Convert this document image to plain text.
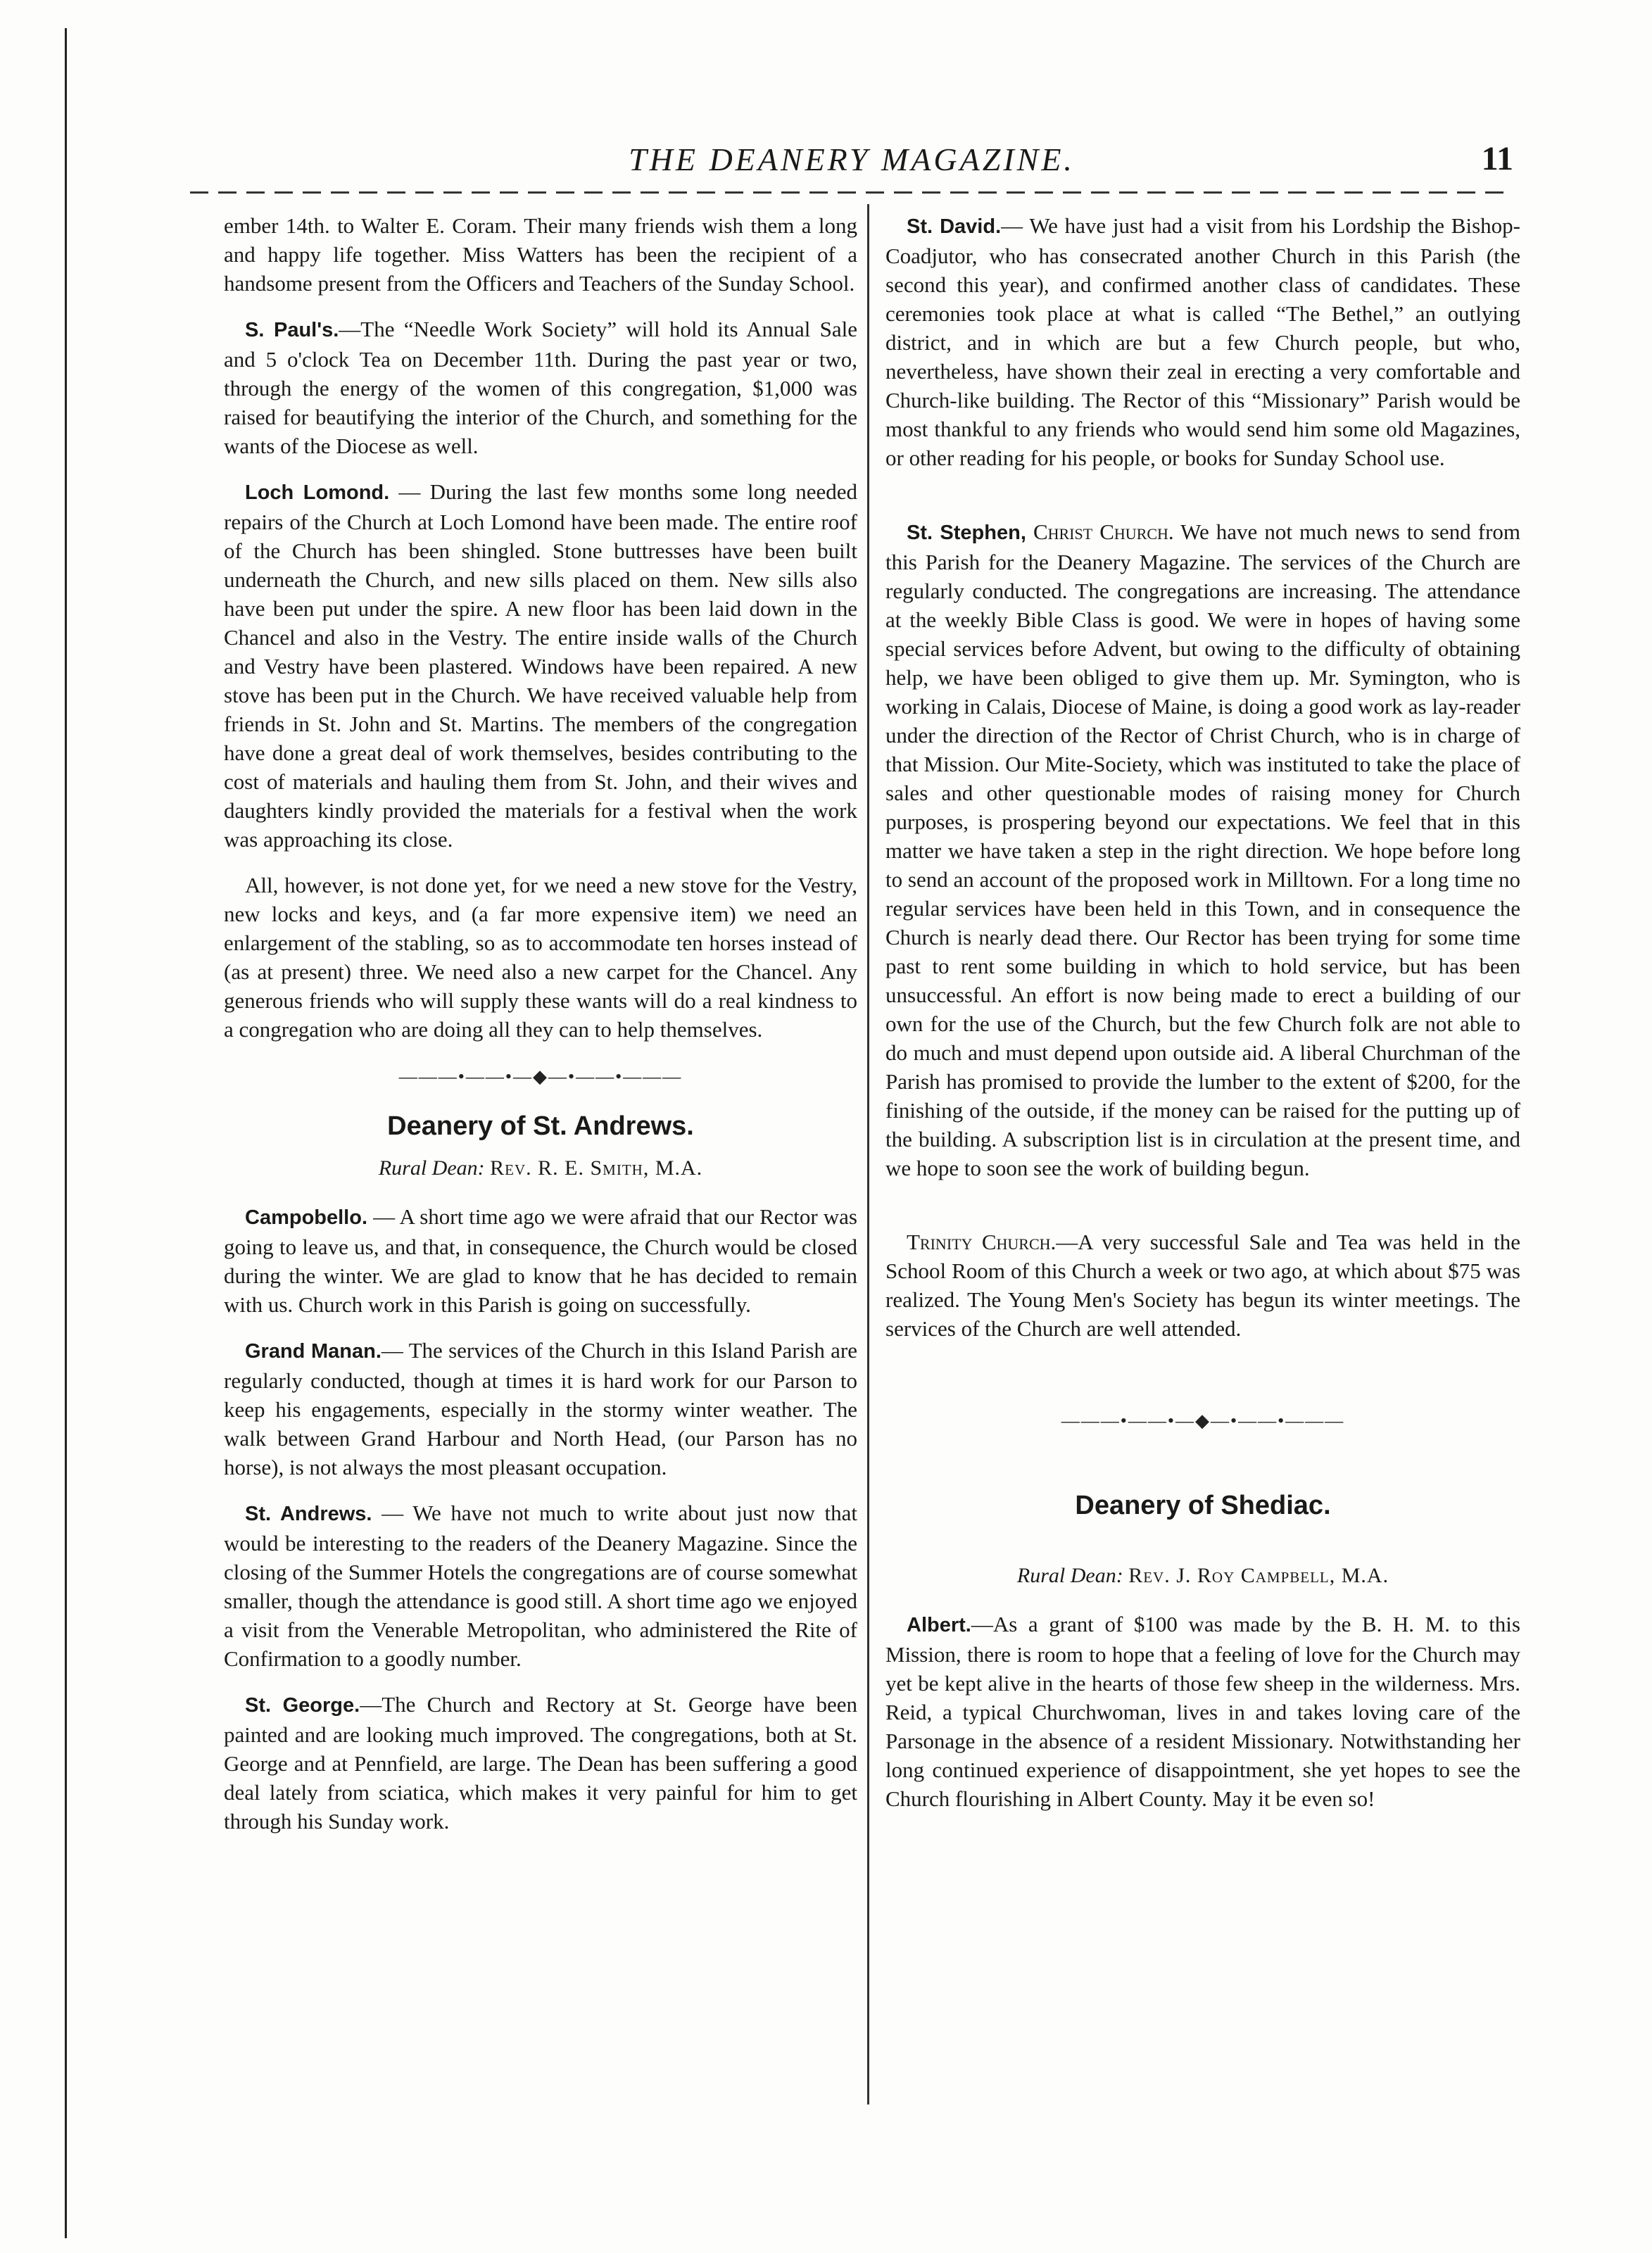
THE DEANERY MAGAZINE.	11

ember 14th. to Walter E. Coram. Their many friends wish them a long and happy life together. Miss Watters has been the recipient of a handsome present from the Officers and Teachers of the Sunday School.

S. Paul's.—The “Needle Work Society” will hold its Annual Sale and 5 o'clock Tea on December 11th. During the past year or two, through the energy of the women of this congregation, $1,000 was raised for beautifying the interior of the Church, and something for the wants of the Diocese as well.

Loch Lomond. — During the last few months some long needed repairs of the Church at Loch Lomond have been made. The entire roof of the Church has been shingled. Stone buttresses have been built underneath the Church, and new sills placed on them. New sills also have been put under the spire. A new floor has been laid down in the Chancel and also in the Vestry. The entire inside walls of the Church and Vestry have been plastered. Windows have been repaired. A new stove has been put in the Church. We have received valuable help from friends in St. John and St. Martins. The members of the congregation have done a great deal of work themselves, besides contributing to the cost of materials and hauling them from St. John, and their wives and daughters kindly provided the materials for a festival when the work was approaching its close.

All, however, is not done yet, for we need a new stove for the Vestry, new locks and keys, and (a far more expensive item) we need an enlargement of the stabling, so as to accommodate ten horses instead of (as at present) three. We need also a new carpet for the Chancel. Any generous friends who will supply these wants will do a real kindness to a congregation who are doing all they can to help themselves.

———•——•—◆—•——•———
Deanery of St. Andrews.
Rural Dean: Rev. R. E. Smith, M.A.

Campobello. — A short time ago we were afraid that our Rector was going to leave us, and that, in consequence, the Church would be closed during the winter. We are glad to know that he has decided to remain with us. Church work in this Parish is going on successfully.

Grand Manan.— The services of the Church in this Island Parish are regularly conducted, though at times it is hard work for our Parson to keep his engagements, especially in the stormy winter weather. The walk between Grand Harbour and North Head, (our Parson has no horse), is not always the most pleasant occupation.

St. Andrews. — We have not much to write about just now that would be interesting to the readers of the Deanery Magazine. Since the closing of the Summer Hotels the congregations are of course somewhat smaller, though the attendance is good still. A short time ago we enjoyed a visit from the Venerable Metropolitan, who administered the Rite of Confirmation to a goodly number.

St. George.—The Church and Rectory at St. George have been painted and are looking much improved. The congregations, both at St. George and at Pennfield, are large. The Dean has been suffering a good deal lately from sciatica, which makes it very painful for him to get through his Sunday work.

St. David.— We have just had a visit from his Lordship the Bishop-Coadjutor, who has consecrated another Church in this Parish (the second this year), and confirmed another class of candidates. These ceremonies took place at what is called “The Bethel,” an outlying district, and in which are but a few Church people, but who, nevertheless, have shown their zeal in erecting a very comfortable and Church-like building. The Rector of this “Missionary” Parish would be most thankful to any friends who would send him some old Magazines, or other reading for his people, or books for Sunday School use.

St. Stephen, Christ Church. We have not much news to send from this Parish for the Deanery Magazine. The services of the Church are regularly conducted. The congregations are increasing. The attendance at the weekly Bible Class is good. We were in hopes of having some special services before Advent, but owing to the difficulty of obtaining help, we have been obliged to give them up. Mr. Symington, who is working in Calais, Diocese of Maine, is doing a good work as lay-reader under the direction of the Rector of Christ Church, who is in charge of that Mission. Our Mite-Society, which was instituted to take the place of sales and other questionable modes of raising money for Church purposes, is prospering beyond our expectations. We feel that in this matter we have taken a step in the right direction. We hope before long to send an account of the proposed work in Milltown. For a long time no regular services have been held in this Town, and in consequence the Church is nearly dead there. Our Rector has been trying for some time past to rent some building in which to hold service, but has been unsuccessful. An effort is now being made to erect a building of our own for the use of the Church, but the few Church folk are not able to do much and must depend upon outside aid. A liberal Churchman of the Parish has promised to provide the lumber to the extent of $200, for the finishing of the outside, if the money can be raised for the putting up of the building. A subscription list is in circulation at the present time, and we hope to soon see the work of building begun.

Trinity Church.—A very successful Sale and Tea was held in the School Room of this Church a week or two ago, at which about $75 was realized. The Young Men's Society has begun its winter meetings. The services of the Church are well attended.

———•——•—◆—•——•———
Deanery of Shediac.
Rural Dean: Rev. J. Roy Campbell, M.A.

Albert.—As a grant of $100 was made by the B. H. M. to this Mission, there is room to hope that a feeling of love for the Church may yet be kept alive in the hearts of those few sheep in the wilderness. Mrs. Reid, a typical Churchwoman, lives in and takes loving care of the Parsonage in the absence of a resident Missionary. Notwithstanding her long continued experience of disappointment, she yet hopes to see the Church flourishing in Albert County. May it be even so!
